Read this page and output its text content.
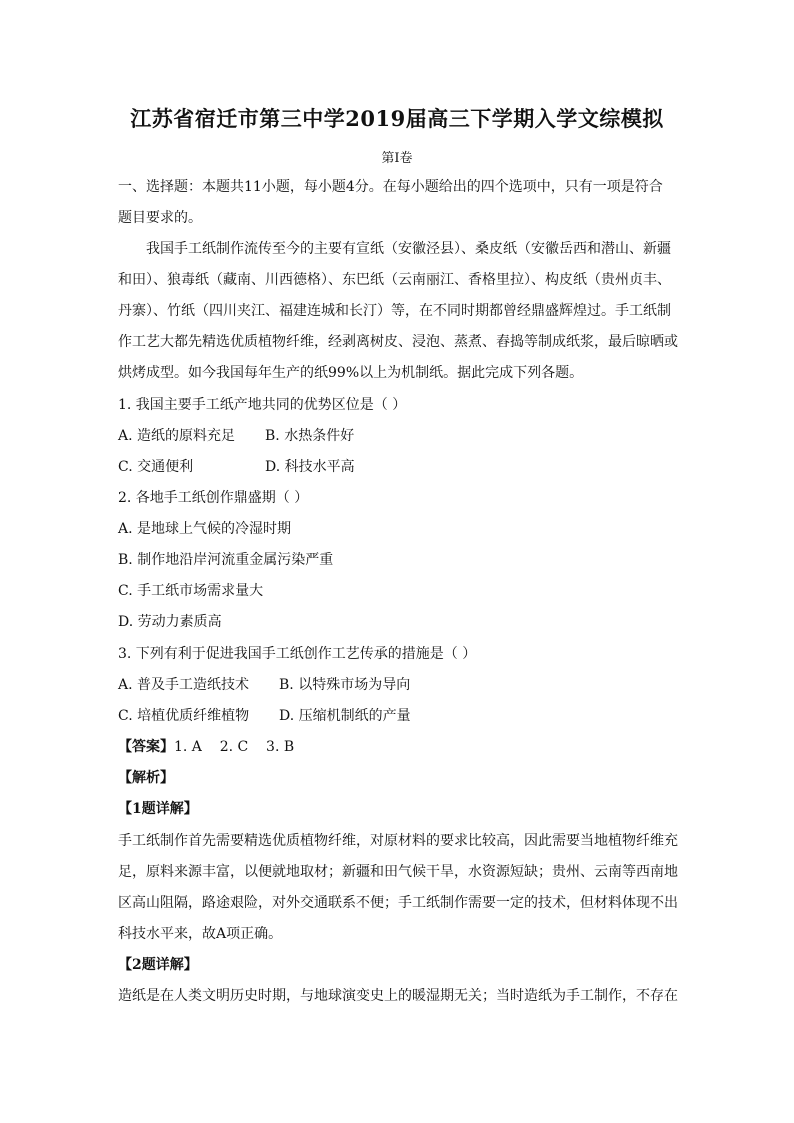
江苏省宿迁市第三中学2019届高三下学期入学文综模拟
第I卷
一、选择题：本题共11小题，每小题4分。在每小题给出的四个选项中，只有一项是符合
题目要求的。
我国手工纸制作流传至今的主要有宣纸（安徽泾县）、桑皮纸（安徽岳西和潜山、新疆
和田）、狼毒纸（藏南、川西德格）、东巴纸（云南丽江、香格里拉）、构皮纸（贵州贞丰、
丹寨）、竹纸（四川夹江、福建连城和长汀）等，在不同时期都曾经鼎盛辉煌过。手工纸制
作工艺大都先精选优质植物纤维，经剥离树皮、浸泡、蒸煮、舂捣等制成纸浆，最后晾晒或
烘烤成型。如今我国每年生产的纸99%以上为机制纸。据此完成下列各题。
1. 我国主要手工纸产地共同的优势区位是（ ）
A. 造纸的原料充足 B. 水热条件好
C. 交通便利	D. 科技水平高
2. 各地手工纸创作鼎盛期（ ）
A. 是地球上气候的冷湿时期
B. 制作地沿岸河流重金属污染严重
C. 手工纸市场需求量大
D. 劳动力素质高
3. 下列有利于促进我国手工纸创作工艺传承的措施是（ ）
A. 普及手工造纸技术 B. 以特殊市场为导向
C. 培植优质纤维植物 D. 压缩机制纸的产量
【答案】1. A    2. C    3. B
【解析】
【1题详解】
手工纸制作首先需要精选优质植物纤维，对原材料的要求比较高，因此需要当地植物纤维充
足，原料来源丰富，以便就地取材；新疆和田气候干旱，水资源短缺；贵州、云南等西南地
区高山阻隔，路途艰险，对外交通联系不便；手工纸制作需要一定的技术，但材料体现不出
科技水平来，故A项正确。
【2题详解】
造纸是在人类文明历史时期，与地球演变史上的暖湿期无关；当时造纸为手工制作，不存在
